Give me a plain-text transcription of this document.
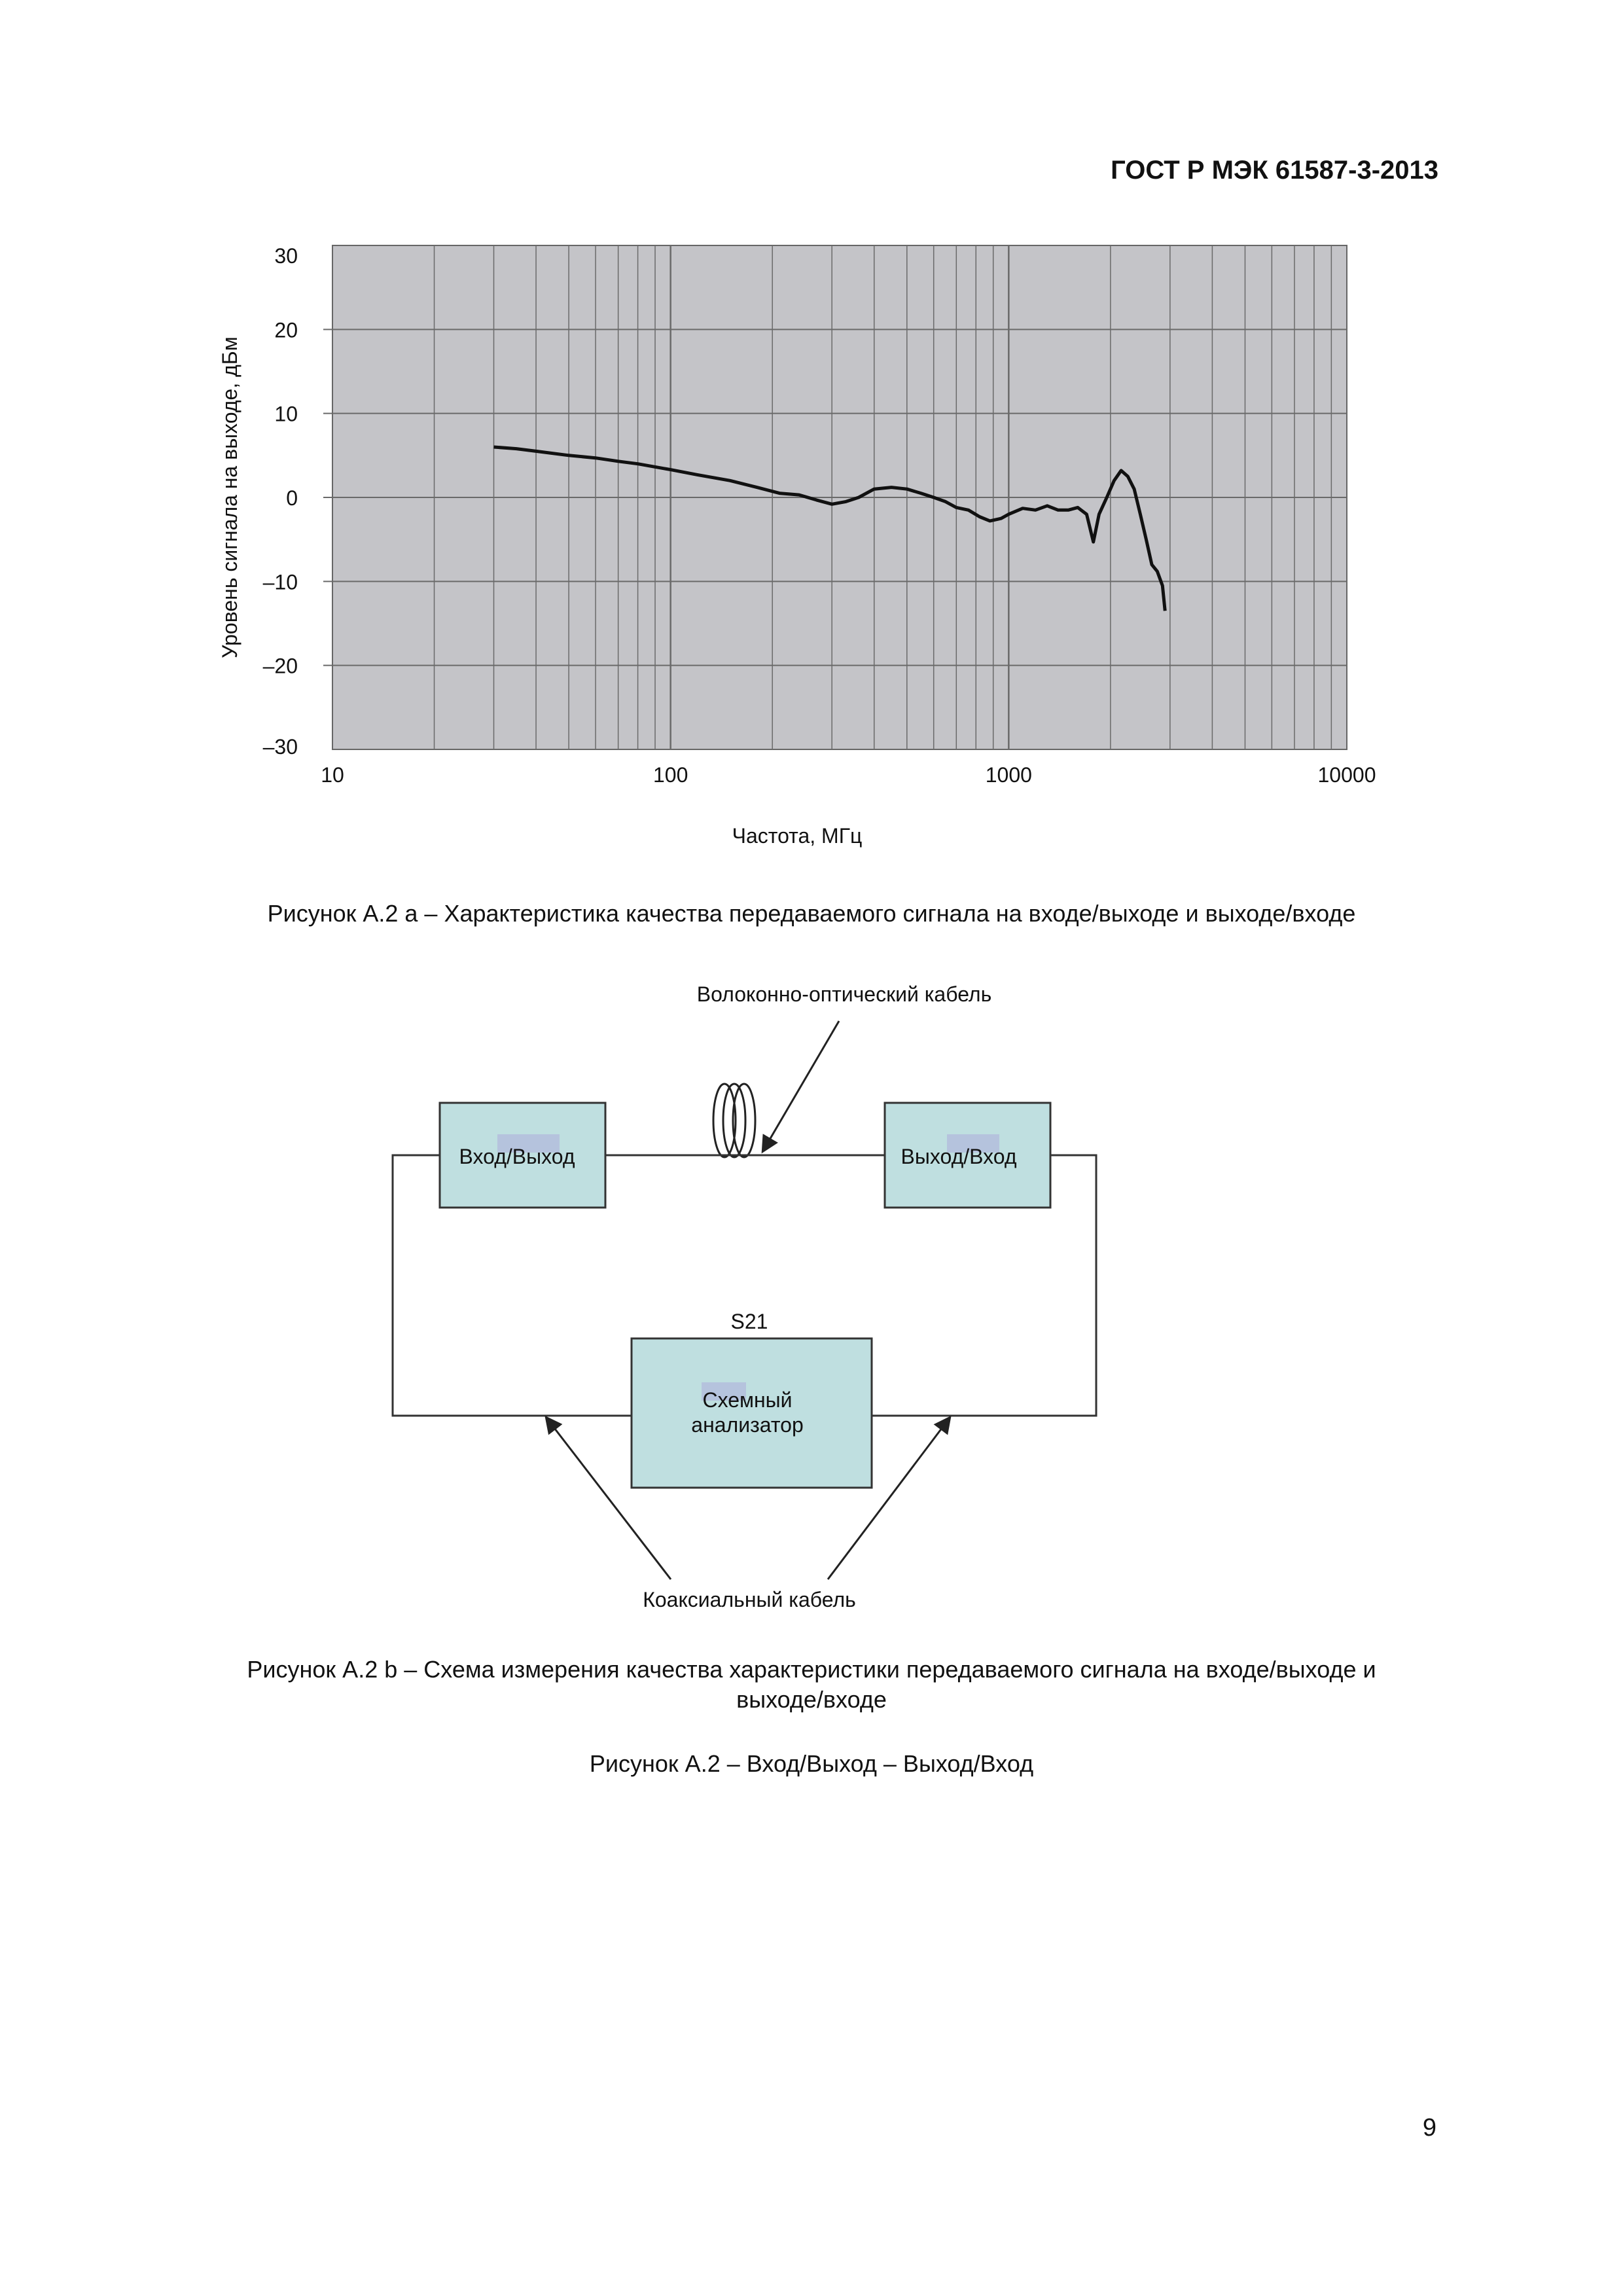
ГОСТ Р МЭК 61587-3-2013
30
20
10
0
–10
–20
–30
10	100	1000	10000
Уровень сигнала на выходе, дБм
Частота, МГц
Рисунок А.2 а – Характеристика качества передаваемого сигнала на входе/выходе и выходе/входе
Волоконно-оптический кабель
Вход/Выход	Выход/Вход
S21
Схемный
анализатор
Коаксиальный кабель
Рисунок А.2 b – Схема измерения качества характеристики передаваемого сигнала на входе/выходе и
выходе/входе
Рисунок А.2 – Вход/Выход – Выход/Вход
9
